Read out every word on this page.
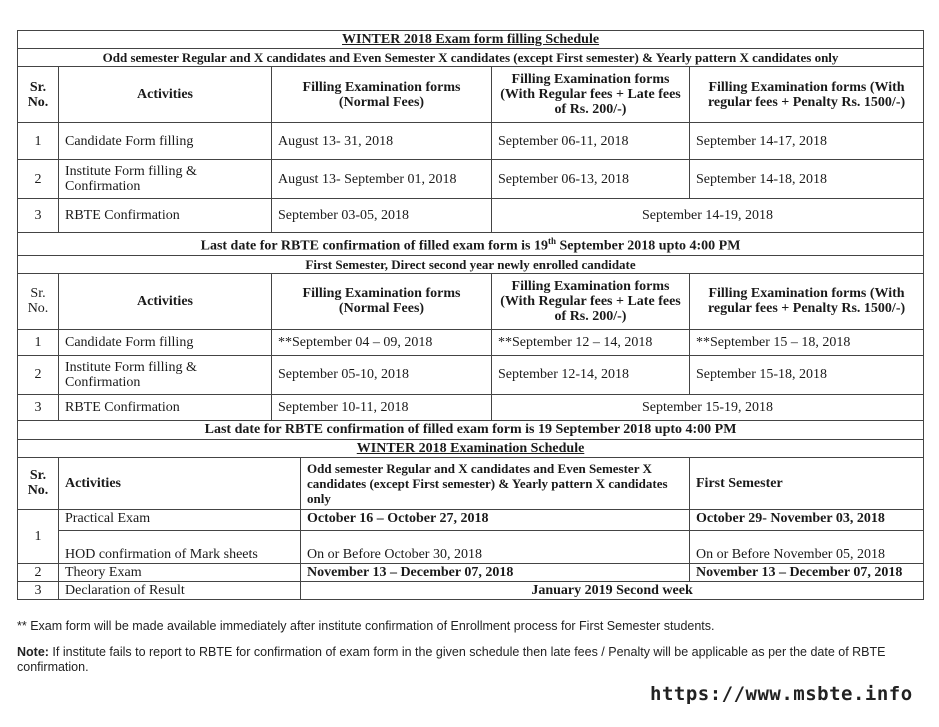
WINTER 2018 Exam form filling Schedule					
Odd semester Regular and X candidates and Even Semester X candidates (except First semester) & Yearly pattern X candidates only					
Sr. No.	Activities	Filling Examination forms (Normal Fees)		Filling Examination forms (With Regular fees + Late fees of Rs. 200/-)	Filling Examination forms (With regular fees + Penalty Rs. 1500/-)
1	Candidate Form filling	August 13- 31, 2018		September 06-11, 2018	September 14-17, 2018
2	Institute Form filling & Confirmation	August 13- September 01, 2018		September 06-13, 2018	September 14-18, 2018
3	RBTE Confirmation	September 03-05, 2018		September 14-19, 2018	
Last date for RBTE confirmation of filled exam form is 19th September 2018 upto 4:00 PM					
First Semester, Direct second year newly enrolled candidate					
Sr. No.	Activities	Filling Examination forms (Normal Fees)		Filling Examination forms (With Regular fees + Late fees of Rs. 200/-)	Filling Examination forms (With regular fees + Penalty Rs. 1500/-)
1	Candidate Form filling	**September 04 – 09, 2018		**September 12 – 14, 2018	**September 15 – 18, 2018
2	Institute Form filling & Confirmation	September 05-10, 2018		September 12-14, 2018	September 15-18, 2018
3	RBTE Confirmation	September 10-11, 2018		September 15-19, 2018	
Last date for RBTE confirmation of filled exam form is 19 September 2018 upto 4:00 PM					
WINTER 2018 Examination Schedule					
Sr. No.	Activities		Odd semester Regular and X candidates and Even Semester X candidates (except First semester) & Yearly pattern X candidates only		First Semester
1	Practical Exam		October 16 – October 27, 2018		October 29- November 03, 2018
	HOD confirmation of Mark sheets		On or Before October 30, 2018		On or Before November 05, 2018
2	Theory Exam		November 13 – December 07, 2018		November 13 – December 07, 2018
3	Declaration of Result		January 2019 Second week		
** Exam form will be made available immediately after institute confirmation of Enrollment process for First Semester students.
Note: If institute fails to report to RBTE for confirmation of exam form in the given schedule then late fees / Penalty will be applicable as per the date of RBTE confirmation.
https://www.msbte.info
